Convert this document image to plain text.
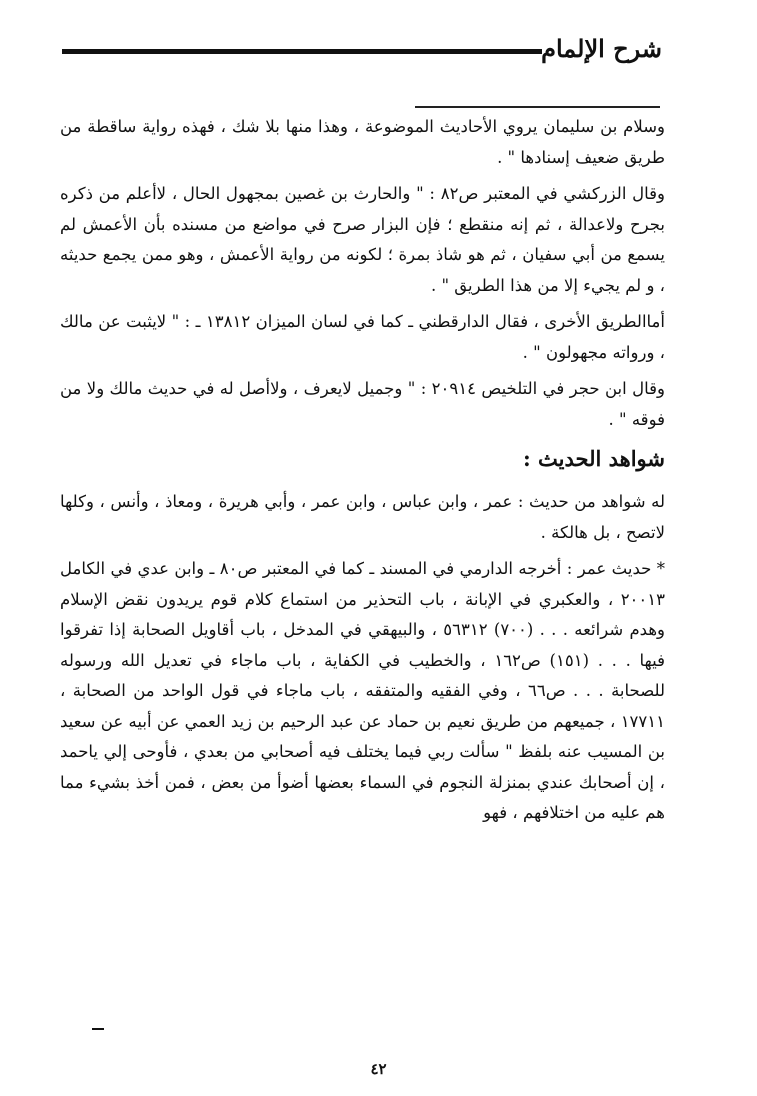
شرح الإلمام

وسلام بن سليمان يروي الأحاديث الموضوعة ، وهذا منها بلا شك ، فهذه رواية ساقطة من طريق ضعيف إسنادها " .

وقال الزركشي في المعتبر ص٨٢ : " والحارث بن غصين بمجهول الحال ، لاأعلم من ذكره بجرح ولاعدالة ، ثم إنه منقطع ؛ فإن البزار صرح في مواضع من مسنده بأن الأعمش لم يسمع من أبي سفيان ، ثم هو شاذ بمرة ؛ لكونه من رواية الأعمش ، وهو ممن يجمع حديثه ، و لم يجيء إلا من هذا الطريق " .

أماالطريق الأخرى ، فقال الدارقطني ـ كما في لسان الميزان ١٣٨١٢ ـ : " لايثبت عن مالك ، ورواته مجهولون " .

وقال ابن حجر في التلخيص ٢٠٩١٤ : " وجميل لايعرف ، ولاأصل له في حديث مالك ولا من فوقه " .

شواهد الحديث :

له شواهد من حديث : عمر ، وابن عباس ، وابن عمر ، وأبي هريرة ، ومعاذ ، وأنس ، وكلها لاتصح ، بل هالكة .

* حديث عمر : أخرجه الدارمي في المسند ـ كما في المعتبر ص٨٠ ـ وابن عدي في الكامل ٢٠٠١٣ ، والعكبري في الإبانة ، باب التحذير من استماع كلام قوم يريدون نقض الإسلام وهدم شرائعه . . . (٧٠٠) ٥٦٣١٢ ، والبيهقي في المدخل ، باب أقاويل الصحابة إذا تفرقوا فيها . . . (١٥١) ص١٦٢ ، والخطيب في الكفاية ، باب ماجاء في تعديل الله ورسوله للصحابة . . . ص٦٦ ، وفي الفقيه والمتفقه ، باب ماجاء في قول الواحد من الصحابة ، ١٧٧١١ ، جميعهم من طريق نعيم بن حماد عن عبد الرحيم بن زيد العمي عن أبيه عن سعيد بن المسيب عنه بلفظ " سألت ربي فيما يختلف فيه أصحابي من بعدي ، فأوحى إلي ياحمد ، إن أصحابك عندي بمنزلة النجوم في السماء بعضها أضوأ من بعض ، فمن أخذ بشيء مما هم عليه من اختلافهم ، فهو

٤٢
